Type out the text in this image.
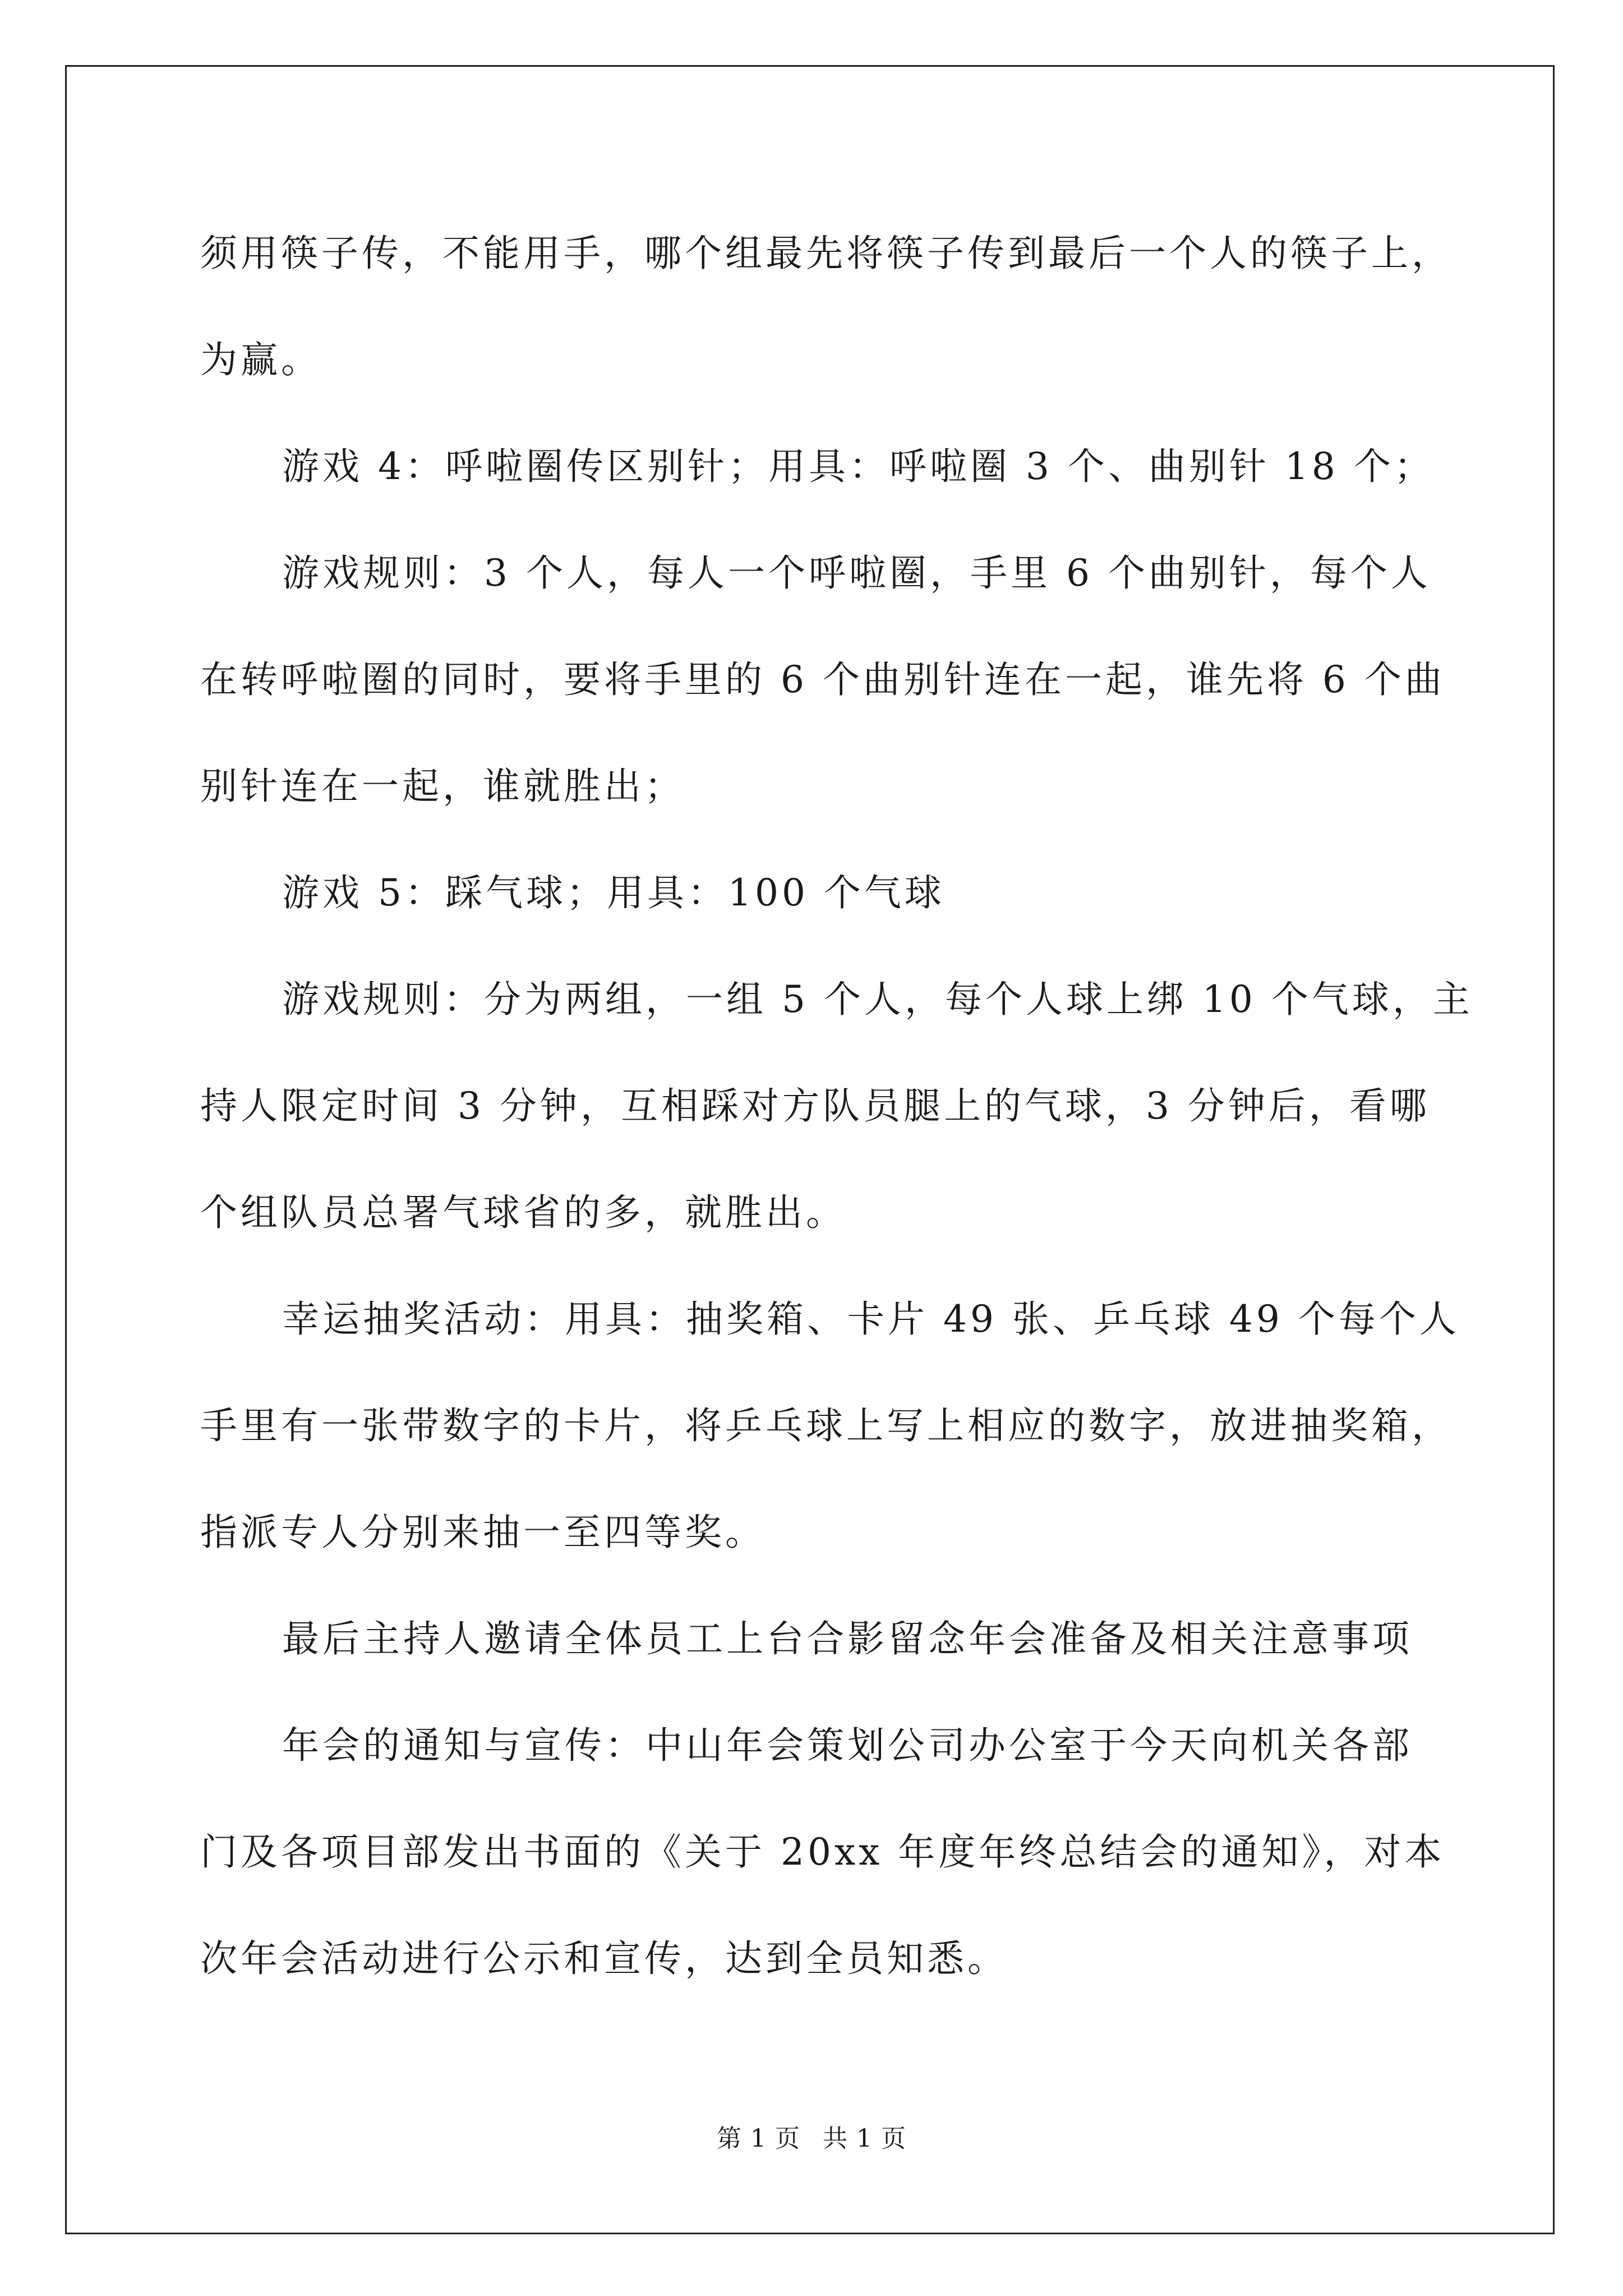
须用筷子传，不能用手，哪个组最先将筷子传到最后一个人的筷子上，
为赢。
游戏 4：呼啦圈传区别针；用具：呼啦圈 3 个、曲别针 18 个；
游戏规则：3 个人，每人一个呼啦圈，手里 6 个曲别针，每个人
在转呼啦圈的同时，要将手里的 6 个曲别针连在一起，谁先将 6 个曲
别针连在一起，谁就胜出；
游戏 5：踩气球；用具：100 个气球
游戏规则：分为两组，一组 5 个人，每个人球上绑 10 个气球，主
持人限定时间 3 分钟，互相踩对方队员腿上的气球，3 分钟后，看哪
个组队员总署气球省的多，就胜出。
幸运抽奖活动：用具：抽奖箱、卡片 49 张、乒乓球 49 个每个人
手里有一张带数字的卡片，将乒乓球上写上相应的数字，放进抽奖箱，
指派专人分别来抽一至四等奖。
最后主持人邀请全体员工上台合影留念年会准备及相关注意事项
年会的通知与宣传：中山年会策划公司办公室于今天向机关各部
门及各项目部发出书面的《关于 20xx 年度年终总结会的通知》，对本
次年会活动进行公示和宣传，达到全员知悉。
第 1 页 共 1 页
